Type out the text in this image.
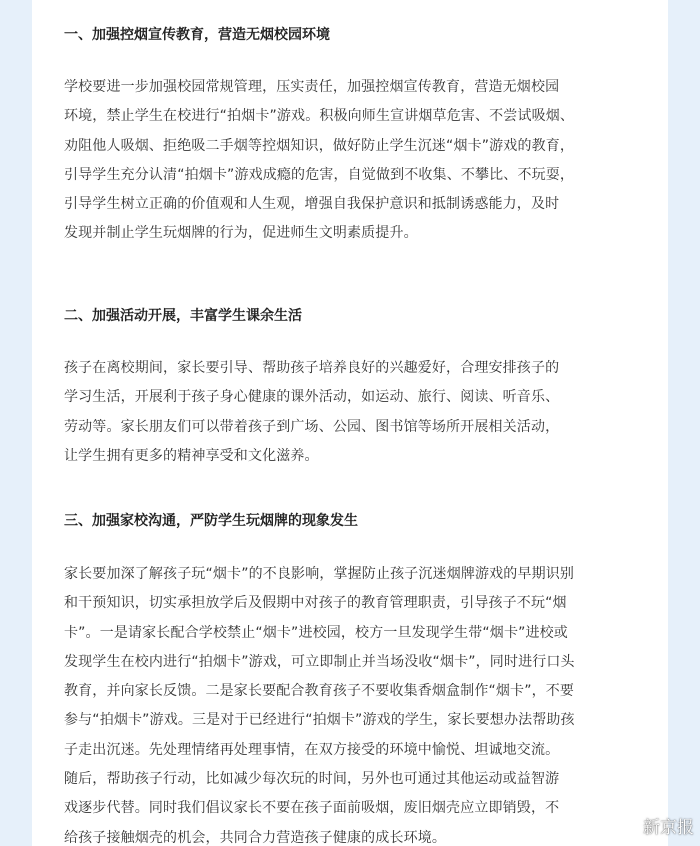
一、加强控烟宣传教育，营造无烟校园环境

学校要进一步加强校园常规管理，压实责任，加强控烟宣传教育，营造无烟校园
环境，禁止学生在校进行“拍烟卡”游戏。积极向师生宣讲烟草危害、不尝试吸烟、
劝阻他人吸烟、拒绝吸二手烟等控烟知识，做好防止学生沉迷“烟卡”游戏的教育，
引导学生充分认清“拍烟卡”游戏成瘾的危害，自觉做到不收集、不攀比、不玩耍，
引导学生树立正确的价值观和人生观，增强自我保护意识和抵制诱惑能力，及时
发现并制止学生玩烟牌的行为，促进师生文明素质提升。

二、加强活动开展，丰富学生课余生活

孩子在离校期间，家长要引导、帮助孩子培养良好的兴趣爱好，合理安排孩子的
学习生活，开展利于孩子身心健康的课外活动，如运动、旅行、阅读、听音乐、
劳动等。家长朋友们可以带着孩子到广场、公园、图书馆等场所开展相关活动，
让学生拥有更多的精神享受和文化滋养。

三、加强家校沟通，严防学生玩烟牌的现象发生

家长要加深了解孩子玩“烟卡”的不良影响，掌握防止孩子沉迷烟牌游戏的早期识别
和干预知识，切实承担放学后及假期中对孩子的教育管理职责，引导孩子不玩“烟
卡”。一是请家长配合学校禁止“烟卡”进校园，校方一旦发现学生带“烟卡”进校或
发现学生在校内进行“拍烟卡”游戏，可立即制止并当场没收“烟卡”，同时进行口头
教育，并向家长反馈。二是家长要配合教育孩子不要收集香烟盒制作“烟卡”，不要
参与“拍烟卡”游戏。三是对于已经进行“拍烟卡”游戏的学生，家长要想办法帮助孩
子走出沉迷。先处理情绪再处理事情，在双方接受的环境中愉悦、坦诚地交流。
随后，帮助孩子行动，比如减少每次玩的时间，另外也可通过其他运动或益智游
戏逐步代替。同时我们倡议家长不要在孩子面前吸烟，废旧烟壳应立即销毁，不
给孩子接触烟壳的机会，共同合力营造孩子健康的成长环境。	新京报
